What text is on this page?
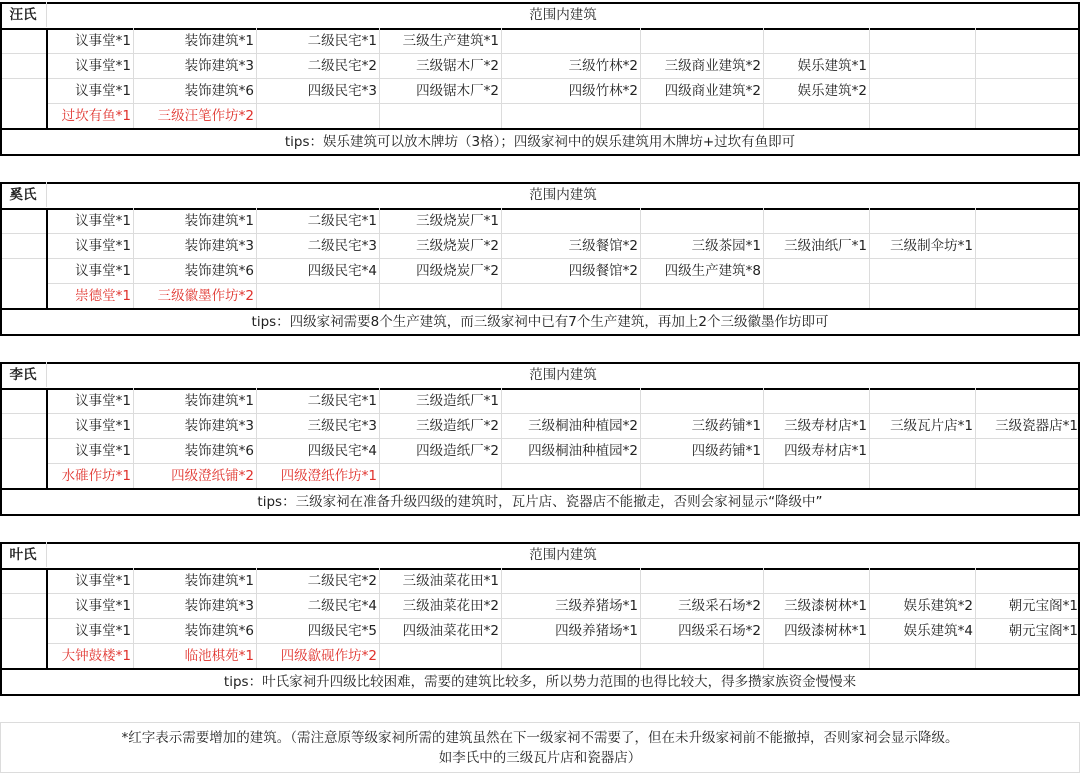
汪氏	范围内建筑
议事堂*1	装饰建筑*1	二级民宅*1	三级生产建筑*1
议事堂*1	装饰建筑*3	二级民宅*2	三级锯木厂*2	三级竹林*2	三级商业建筑*2	娱乐建筑*1
议事堂*1	装饰建筑*6	四级民宅*3	四级锯木厂*2	四级竹林*2	四级商业建筑*2	娱乐建筑*2
过坎有鱼*1	三级汪笔作坊*2
tips：娱乐建筑可以放木牌坊（3格）；四级家祠中的娱乐建筑用木牌坊+过坎有鱼即可
奚氏	范围内建筑
议事堂*1	装饰建筑*1	二级民宅*1	三级烧炭厂*1
议事堂*1	装饰建筑*3	二级民宅*3	三级烧炭厂*2	三级餐馆*2	三级茶园*1	三级油纸厂*1	三级制伞坊*1
议事堂*1	装饰建筑*6	四级民宅*4	四级烧炭厂*2	四级餐馆*2	四级生产建筑*8
崇德堂*1	三级徽墨作坊*2
tips：四级家祠需要8个生产建筑，而三级家祠中已有7个生产建筑，再加上2个三级徽墨作坊即可
李氏	范围内建筑
议事堂*1	装饰建筑*1	二级民宅*1	三级造纸厂*1
议事堂*1	装饰建筑*3	三级民宅*3	三级造纸厂*2	三级桐油种植园*2	三级药铺*1	三级寿材店*1	三级瓦片店*1	三级瓷器店*1
议事堂*1	装饰建筑*6	四级民宅*4	四级造纸厂*2	四级桐油种植园*2	四级药铺*1	四级寿材店*1
水碓作坊*1	四级澄纸铺*2	四级澄纸作坊*1
tips：三级家祠在准备升级四级的建筑时，瓦片店、瓷器店不能撤走，否则会家祠显示“降级中”
叶氏	范围内建筑
议事堂*1	装饰建筑*1	二级民宅*2	三级油菜花田*1
议事堂*1	装饰建筑*3	二级民宅*4	三级油菜花田*2	三级养猪场*1	三级采石场*2	三级漆树林*1	娱乐建筑*2	朝元宝阁*1
议事堂*1	装饰建筑*6	四级民宅*5	四级油菜花田*2	四级养猪场*1	四级采石场*2	四级漆树林*1	娱乐建筑*4	朝元宝阁*1
大钟鼓楼*1	临池棋苑*1	四级歙砚作坊*2
tips：叶氏家祠升四级比较困难，需要的建筑比较多，所以势力范围的也得比较大，得多攒家族资金慢慢来
*红字表示需要增加的建筑。（需注意原等级家祠所需的建筑虽然在下一级家祠不需要了，但在未升级家祠前不能撤掉，否则家祠会显示降级。
如李氏中的三级瓦片店和瓷器店）
